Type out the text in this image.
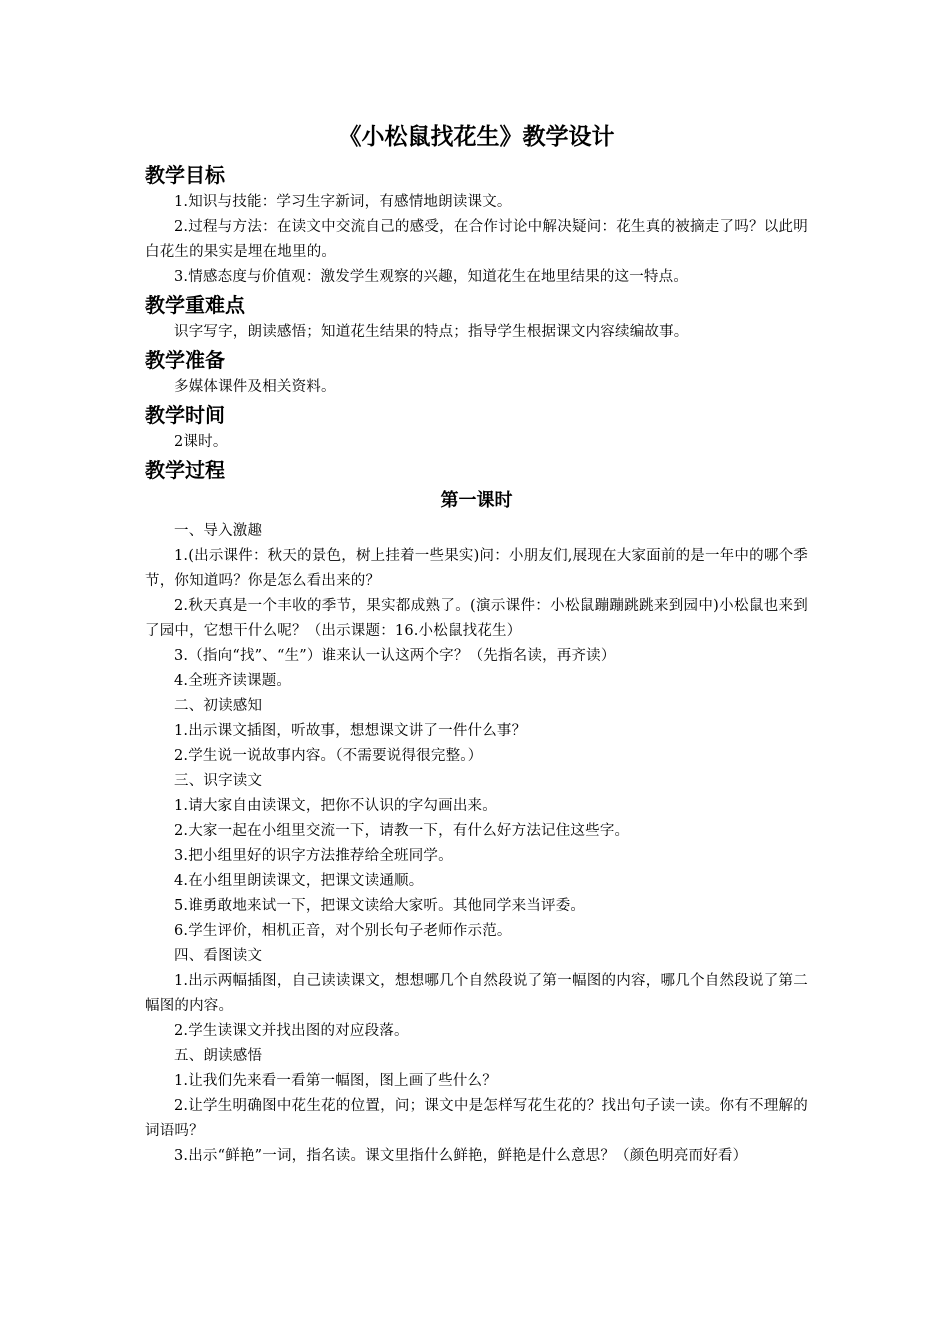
《小松鼠找花生》教学设计
教学目标

1.知识与技能：学习生字新词，有感情地朗读课文。

2.过程与方法：在读文中交流自己的感受，在合作讨论中解决疑问：花生真的被摘走了吗？以此明白花生的果实是埋在地里的。

3.情感态度与价值观：激发学生观察的兴趣，知道花生在地里结果的这一特点。

教学重难点

识字写字，朗读感悟；知道花生结果的特点；指导学生根据课文内容续编故事。

教学准备

多媒体课件及相关资料。

教学时间

2课时。

教学过程
第一课时

一、导入激趣

1.(出示课件：秋天的景色，树上挂着一些果实)问：小朋友们,展现在大家面前的是一年中的哪个季节，你知道吗？你是怎么看出来的？

2.秋天真是一个丰收的季节，果实都成熟了。(演示课件：小松鼠蹦蹦跳跳来到园中)小松鼠也来到了园中，它想干什么呢？（出示课题：16.小松鼠找花生）

3.（指向“找”、“生”）谁来认一认这两个字？（先指名读，再齐读）

4.全班齐读课题。

二、初读感知

1.出示课文插图，听故事，想想课文讲了一件什么事？

2.学生说一说故事内容。（不需要说得很完整。）

三、识字读文

1.请大家自由读课文，把你不认识的字勾画出来。

2.大家一起在小组里交流一下，请教一下，有什么好方法记住这些字。

3.把小组里好的识字方法推荐给全班同学。

4.在小组里朗读课文，把课文读通顺。

5.谁勇敢地来试一下，把课文读给大家听。其他同学来当评委。

6.学生评价，相机正音，对个别长句子老师作示范。

四、看图读文

1.出示两幅插图，自己读读课文，想想哪几个自然段说了第一幅图的内容，哪几个自然段说了第二幅图的内容。

2.学生读课文并找出图的对应段落。

五、朗读感悟

1.让我们先来看一看第一幅图，图上画了些什么？

2.让学生明确图中花生花的位置，问；课文中是怎样写花生花的？找出句子读一读。你有不理解的词语吗？

3.出示“鲜艳”一词，指名读。课文里指什么鲜艳，鲜艳是什么意思？（颜色明亮而好看）
